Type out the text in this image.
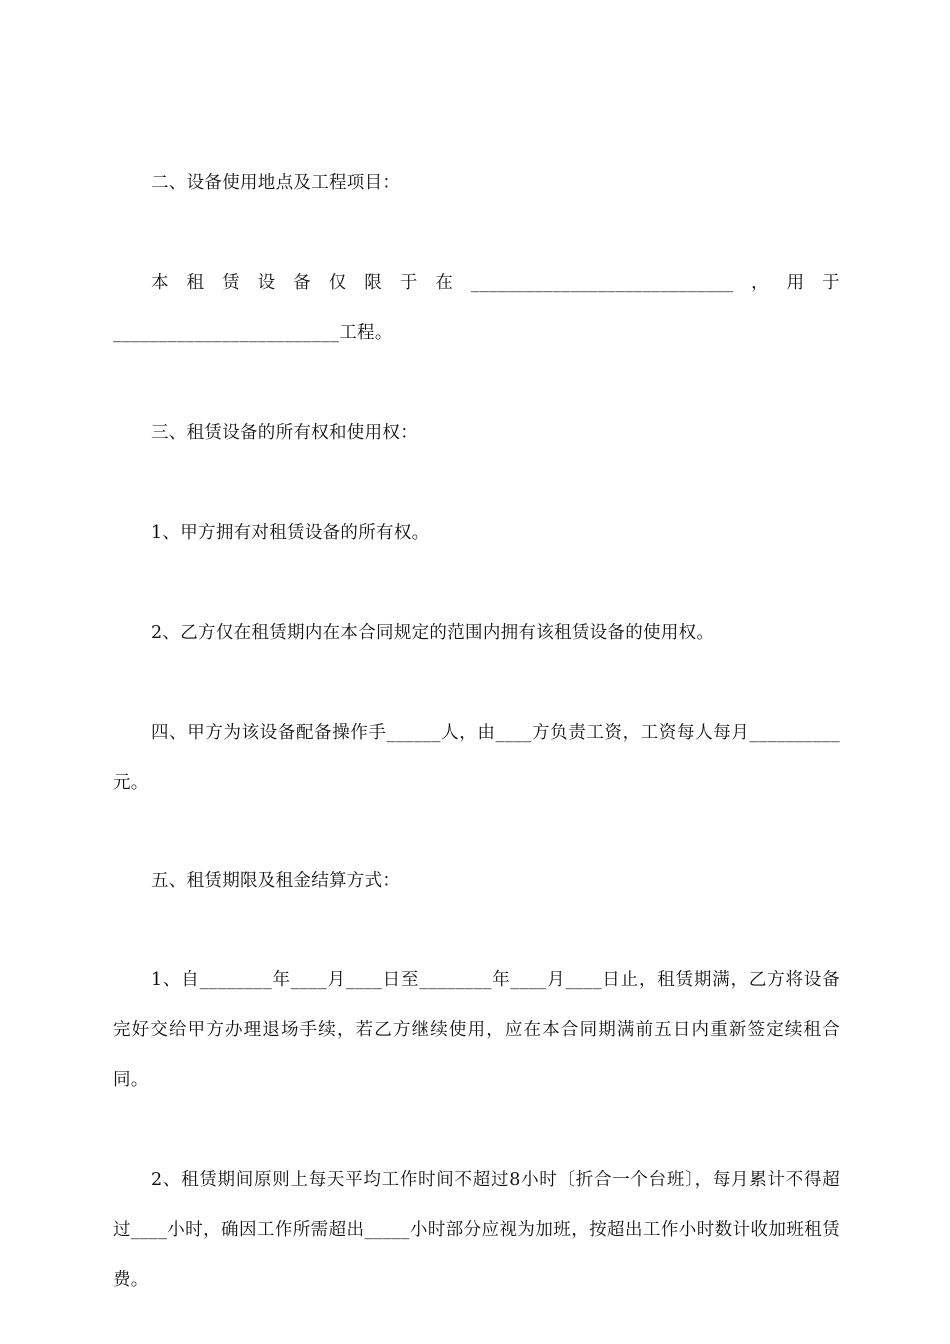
二、设备使用地点及工程项目：

本租赁设备仅限于在_____________________________，用于_________________________工程。

三、租赁设备的所有权和使用权：

1、甲方拥有对租赁设备的所有权。

2、乙方仅在租赁期内在本合同规定的范围内拥有该租赁设备的使用权。

四、甲方为该设备配备操作手______人，由____方负责工资，工资每人每月__________元。

五、租赁期限及租金结算方式：

1、自________年____月____日至________年____月____日止，租赁期满，乙方将设备完好交给甲方办理退场手续，若乙方继续使用，应在本合同期满前五日内重新签定续租合同。

2、租赁期间原则上每天平均工作时间不超过8小时〔折合一个台班〕，每月累计不得超过____小时，确因工作所需超出_____小时部分应视为加班，按超出工作小时数计收加班租赁费。
